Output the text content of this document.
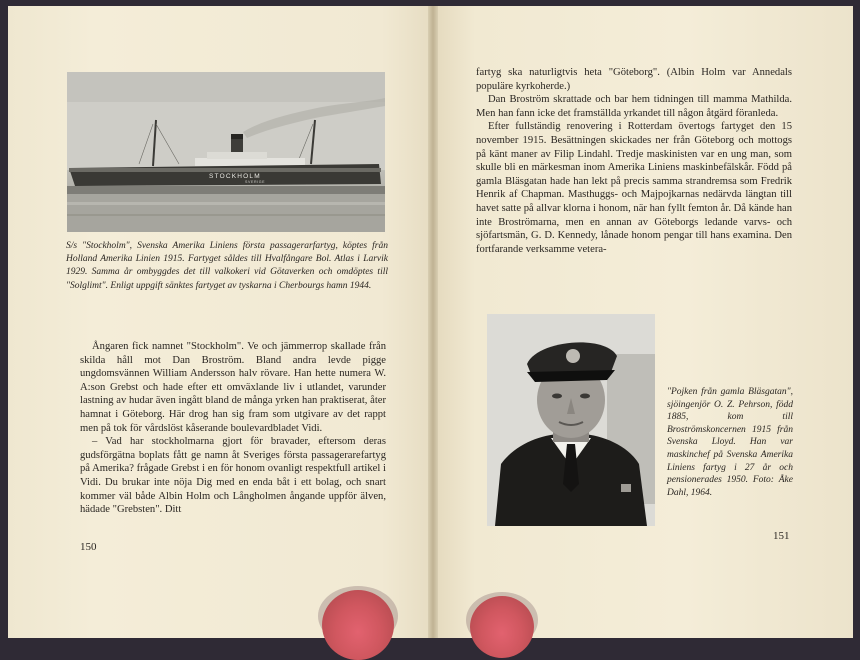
STOCKHOLM
SVERIGE
S/s "Stockholm", Svenska Amerika Liniens första passagerarfartyg, köptes från Holland Amerika Linien 1915. Fartyget såldes till Hvalfångare Bol. Atlas i Larvik 1929. Samma år ombyggdes det till valkokeri vid Götaverken och omdöptes till "Solglimt". Enligt uppgift sänktes fartyget av tyskarna i Cherbourgs hamn 1944.

Ångaren fick namnet "Stockholm". Ve och jämmerrop skallade från skilda håll mot Dan Broström. Bland andra levde pigge ungdomsvännen William Andersson halv rövare. Han hette numera W. A:son Grebst och hade efter ett omväxlande liv i utlandet, varunder lastning av hudar även ingått bland de många yrken han praktiserat, åter hamnat i Göteborg. Här drog han sig fram som utgivare av det rappt men på tok för vårdslöst kåserande boulevardbladet Vidi.

– Vad har stockholmarna gjort för bravader, eftersom deras gudsförgätna boplats fått ge namn åt Sveriges första passagerarefartyg på Amerika? frågade Grebst i en för honom ovanligt respektfull artikel i Vidi. Du brukar inte nöja Dig med en enda båt i ett bolag, och snart kommer väl både Albin Holm och Långholmen ångande uppför älven, hädade "Grebsten". Ditt

150

fartyg ska naturligtvis heta "Göteborg". (Albin Holm var Annedals populäre kyrkoherde.)

Dan Broström skrattade och bar hem tidningen till mamma Mathilda. Men han fann icke det framställda yrkandet till någon åtgärd föranleda.

Efter fullständig renovering i Rotterdam övertogs fartyget den 15 november 1915. Besättningen skickades ner från Göteborg och mottogs på känt maner av Filip Lindahl. Tredje maskinisten var en ung man, som skulle bli en märkesman inom Amerika Liniens maskinbefälskår. Född på gamla Bläsgatan hade han lekt på precis samma strandremsa som Fredrik Henrik af Chapman. Masthuggs- och Majpojkarnas nedärvda längtan till havet satte på allvar klorna i honom, när han fyllt femton år. Då kände han inte Broströmarna, men en annan av Göteborgs ledande varvs- och sjöfartsmän, G. D. Kennedy, lånade honom pengar till hans examina. Den fortfarande verksamme vetera-

"Pojken från gamla Bläsgatan", sjöingenjör O. Z. Pehrson, född 1885, kom till Broströmskoncernen 1915 från Svenska Lloyd. Han var maskinchef på Svenska Amerika Liniens fartyg i 27 år och pensionerades 1950. Foto: Åke Dahl, 1964.
151
